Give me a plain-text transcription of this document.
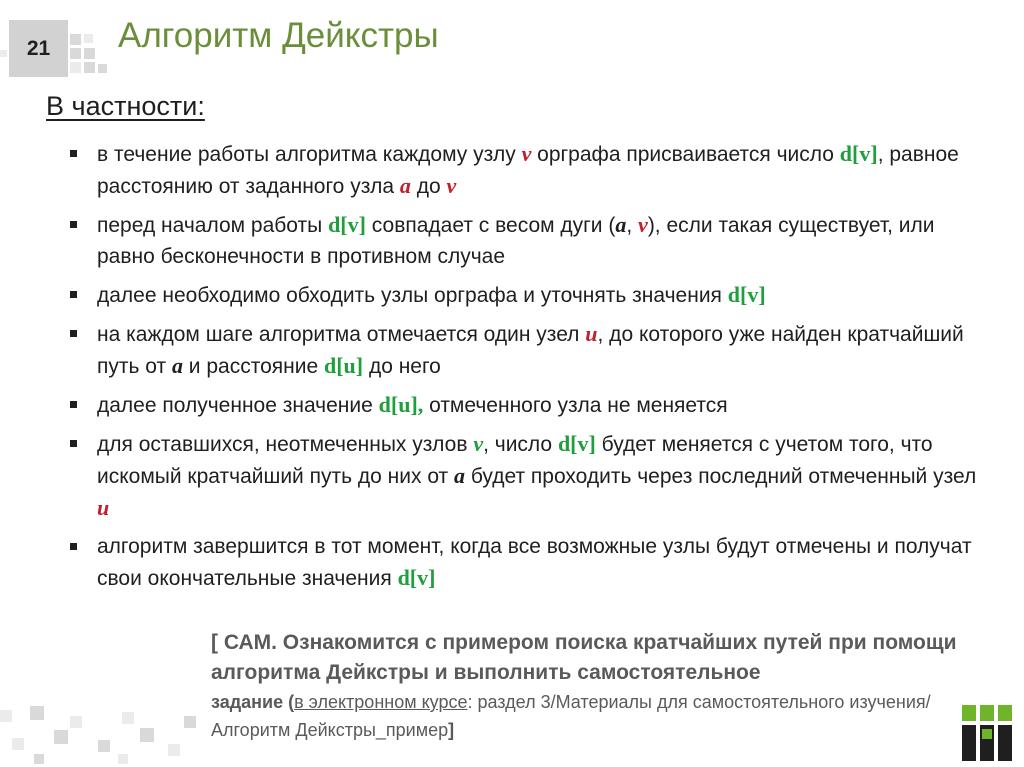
21	Алгоритм Дейкстры
В частности:
в течение работы алгоритма каждому узлу v орграфа присваивается число d[v], равное расстоянию от заданного узла a до v
перед началом работы d[v] совпадает с весом дуги (a, v), если такая существует, или равно бесконечности в противном случае
далее необходимо обходить узлы орграфа и уточнять значения d[v]
на каждом шаге алгоритма отмечается один узел u, до которого уже найден кратчайший путь от a и расстояние d[u] до него
далее полученное значение d[u], отмеченного узла не меняется
для оставшихся, неотмеченных узлов v, число d[v] будет меняется с учетом того, что искомый кратчайший путь до них от a будет проходить через последний отмеченный узел u
алгоритм завершится в тот момент, когда все возможные узлы будут отмечены и получат свои окончательные значения d[v]
[ САМ. Ознакомится с примером поиска кратчайших путей при помощи алгоритма Дейкстры и выполнить самостоятельное
задание (в электронном курсе: раздел 3/Материалы для самостоятельного изучения/Алгоритм Дейкстры_пример]
